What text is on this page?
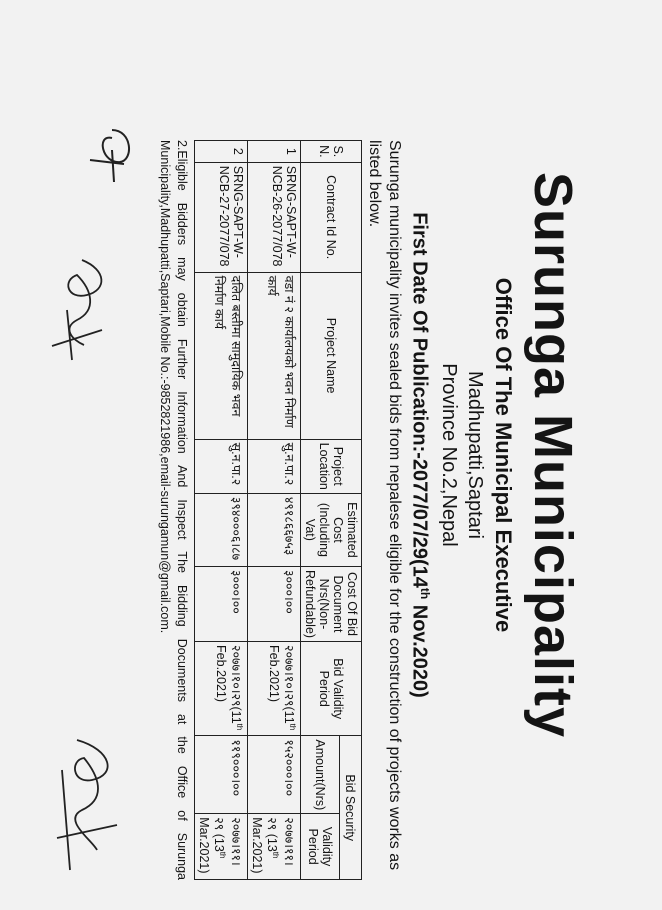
Surunga Municipality
Office Of The Municipal Executive
Madhupatti,Saptari
Province No.2,Nepal
First Date Of Publication:-2077/07/29(14th Nov.2020)
Surunga municipality invites sealed bids from nepalese eligible for the construction of projects works as listed below.
S. N.	Contract Id No.	Project Name	Project Location	Estimated Cost (Including Vat)	Cost Of Bid Document Nrs(Non-Refundable)	Bid Validity Period	Bid Security	
							Amount(Nrs)	Validity Period
1	SRNG-SAPT-W-NCB-26-2077/078	वडा नं २ कार्यालयको भवन निर्माण कार्य	सु.न.पा.२	४९१८६६७५३	३०००।००	२०७७।१०।२९(11th Feb.2021)	१५२०००।००	२०७७।११।२९ (13th Mar.2021)
2	SRNG-SAPT-W-NCB-27-2077/078	दलित बस्तीमा सामुदायिक भवन निर्माण कार्य	सु.न.पा.२	३९४०००६।८७	३०००।००	२०७७।१०।२९(11th Feb.2021)	११९०००।००	२०७७।११।२९ (13th Mar.2021)
2.Eligible Bidders may obtain Further Information And Inspect The Bidding Documents at the Office of Surunga Municipality,Madhupatti,Saptari,Mobile No.:-9852821986,email-surungamun@gmail.com.
